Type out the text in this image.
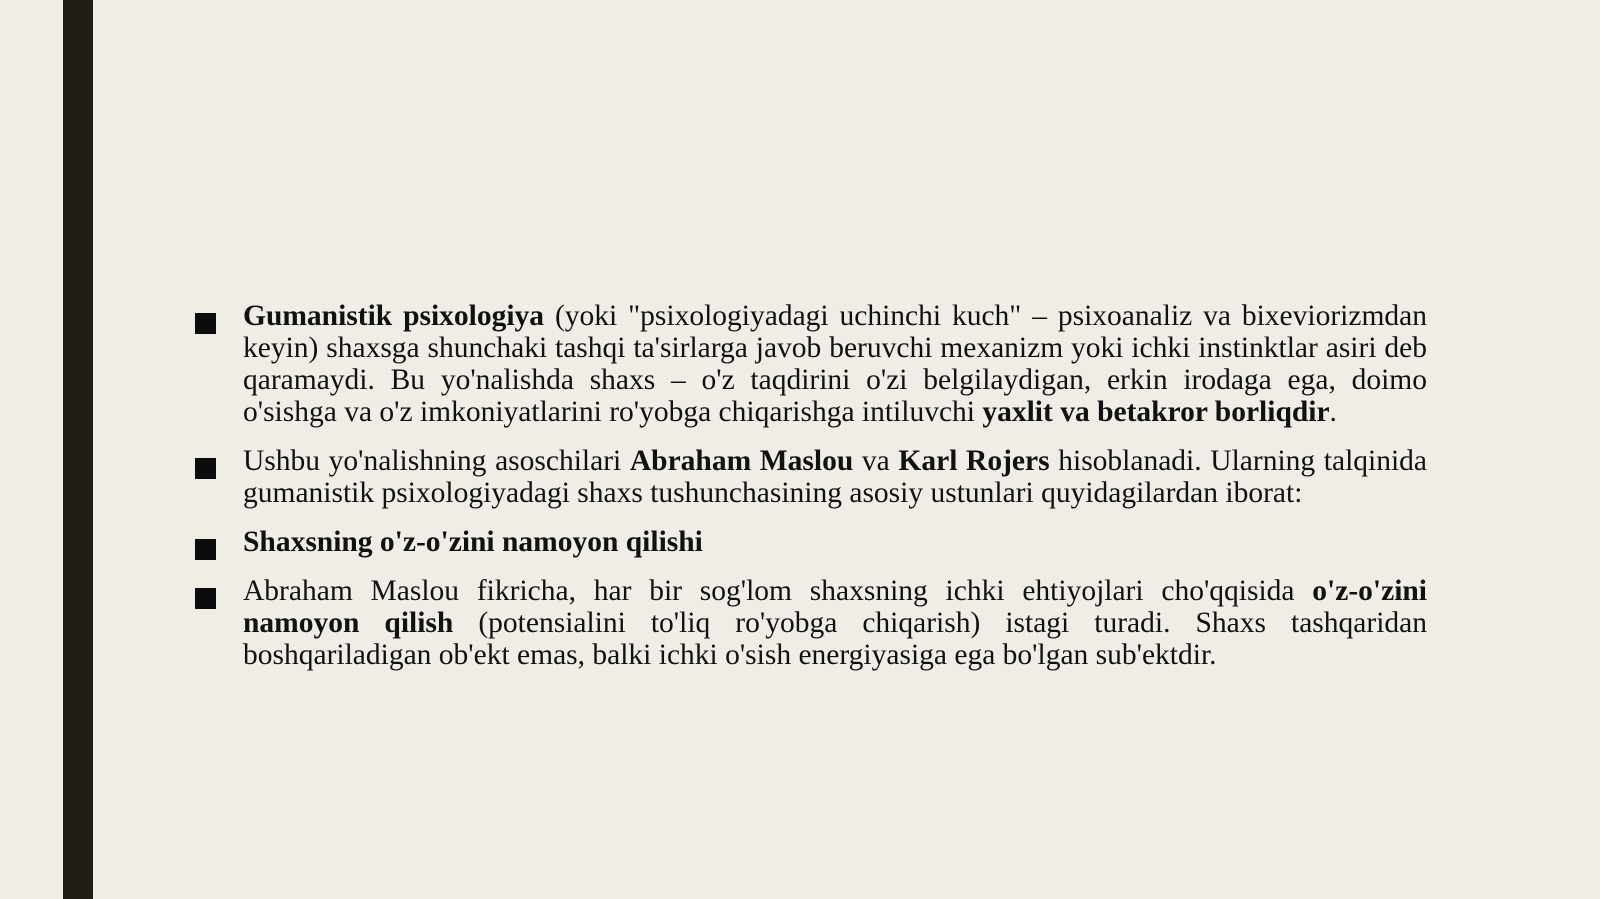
Gumanistik psixologiya (yoki "psixologiyadagi uchinchi kuch" – psixoanaliz va bixeviorizmdan keyin) shaxsga shunchaki tashqi ta'sirlarga javob beruvchi mexanizm yoki ichki instinktlar asiri deb qaramaydi. Bu yo'nalishda shaxs – o'z taqdirini o'zi belgilaydigan, erkin irodaga ega, doimo o'sishga va o'z imkoniyatlarini ro'yobga chiqarishga intiluvchi yaxlit va betakror borliqdir.
Ushbu yo'nalishning asoschilari Abraham Maslou va Karl Rojers hisoblanadi. Ularning talqinida gumanistik psixologiyadagi shaxs tushunchasining asosiy ustunlari quyidagilardan iborat:
Shaxsning o'z-o'zini namoyon qilishi
Abraham Maslou fikricha, har bir sog'lom shaxsning ichki ehtiyojlari cho'qqisida o'z-o'zini namoyon qilish (potensialini to'liq ro'yobga chiqarish) istagi turadi. Shaxs tashqaridan boshqariladigan ob'ekt emas, balki ichki o'sish energiyasiga ega bo'lgan sub'ektdir.
